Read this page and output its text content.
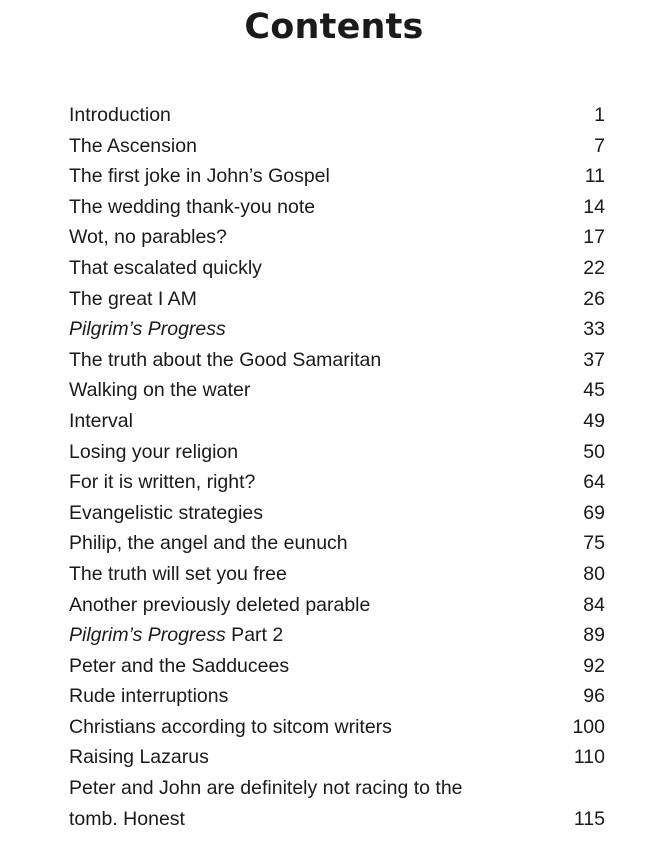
Contents
Introduction	1
The Ascension	7
The first joke in John’s Gospel	11
The wedding thank-you note	14
Wot, no parables?	17
That escalated quickly	22
The great I AM	26
Pilgrim’s Progress	33
The truth about the Good Samaritan	37
Walking on the water	45
Interval	49
Losing your religion	50
For it is written, right?	64
Evangelistic strategies	69
Philip, the angel and the eunuch	75
The truth will set you free	80
Another previously deleted parable	84
Pilgrim’s Progress Part 2	89
Peter and the Sadducees	92
Rude interruptions	96
Christians according to sitcom writers	100
Raising Lazarus	110
Peter and John are definitely not racing to the tomb. Honest	115
